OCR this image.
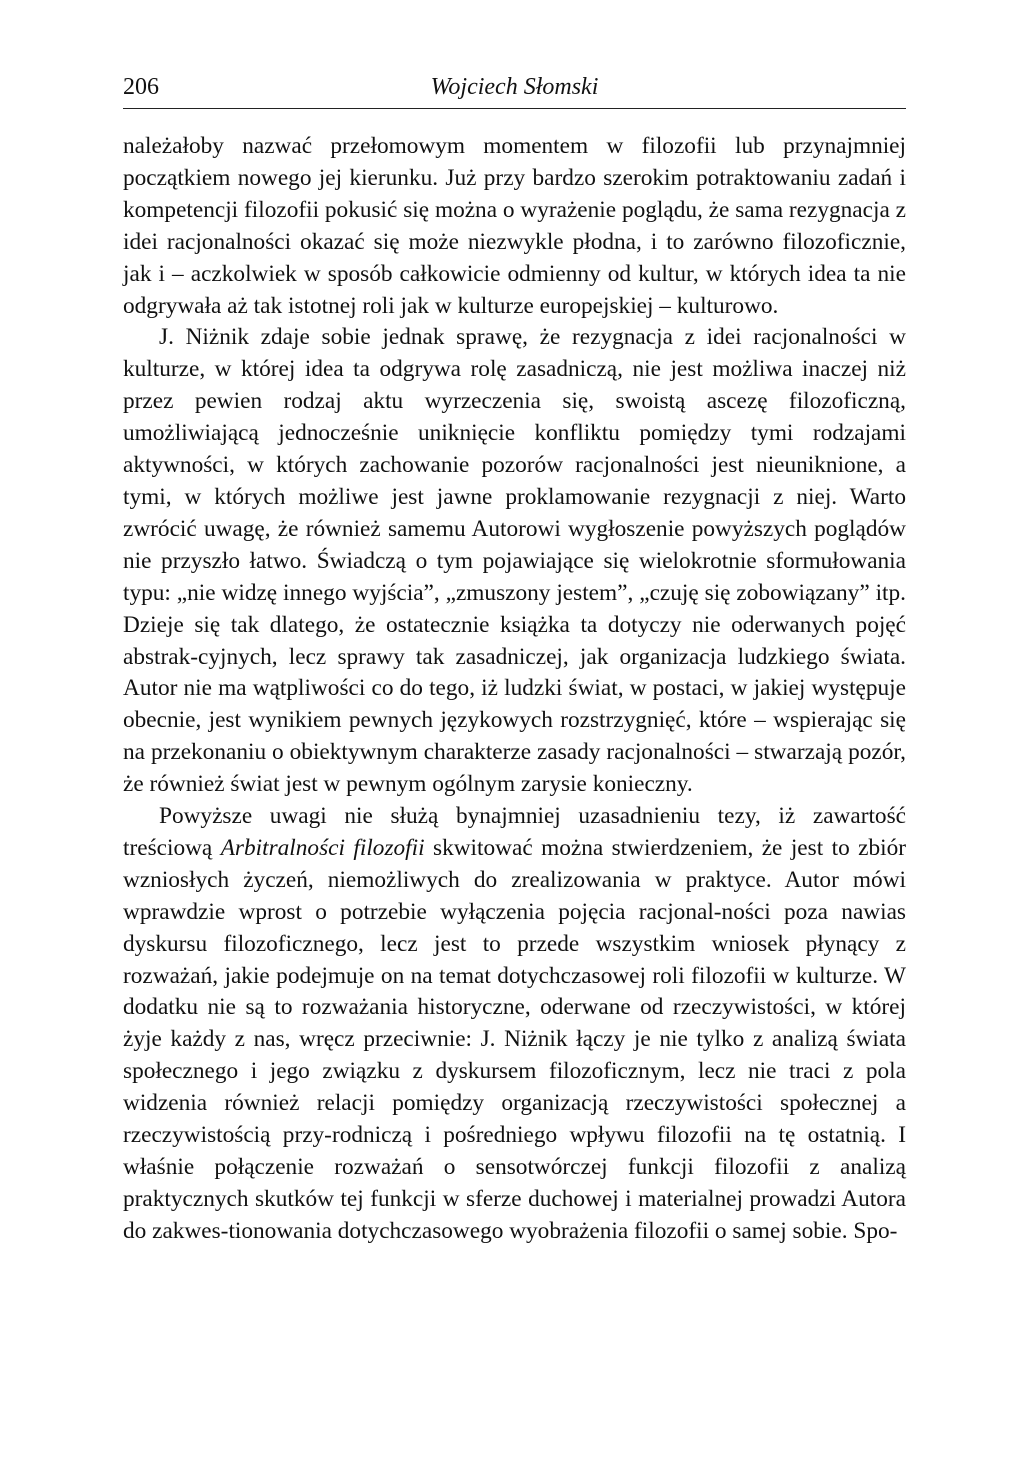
206	Wojciech Słomski

należałoby nazwać przełomowym momentem w filozofii lub przynajmniej początkiem nowego jej kierunku. Już przy bardzo szerokim potraktowaniu zadań i kompetencji filozofii pokusić się można o wyrażenie poglądu, że sama rezygnacja z idei racjonalności okazać się może niezwykle płodna, i to zarówno filozoficznie, jak i – aczkolwiek w sposób całkowicie odmienny od kultur, w których idea ta nie odgrywała aż tak istotnej roli jak w kulturze europejskiej – kulturowo.

J. Niżnik zdaje sobie jednak sprawę, że rezygnacja z idei racjonalności w kulturze, w której idea ta odgrywa rolę zasadniczą, nie jest możliwa inaczej niż przez pewien rodzaj aktu wyrzeczenia się, swoistą ascezę filozoficzną, umożliwiającą jednocześnie uniknięcie konfliktu pomiędzy tymi rodzajami aktywności, w których zachowanie pozorów racjonalności jest nieuniknione, a tymi, w których możliwe jest jawne proklamowanie rezygnacji z niej. Warto zwrócić uwagę, że również samemu Autorowi wygłoszenie powyższych poglądów nie przyszło łatwo. Świadczą o tym pojawiające się wielokrotnie sformułowania typu: „nie widzę innego wyjścia”, „zmuszony jestem”, „czuję się zobowiązany” itp. Dzieje się tak dlatego, że ostatecznie książka ta dotyczy nie oderwanych pojęć abstrak-cyjnych, lecz sprawy tak zasadniczej, jak organizacja ludzkiego świata. Autor nie ma wątpliwości co do tego, iż ludzki świat, w postaci, w jakiej występuje obecnie, jest wynikiem pewnych językowych rozstrzygnięć, które – wspierając się na przekonaniu o obiektywnym charakterze zasady racjonalności – stwarzają pozór, że również świat jest w pewnym ogólnym zarysie konieczny.

Powyższe uwagi nie służą bynajmniej uzasadnieniu tezy, iż zawartość treściową Arbitralności filozofii skwitować można stwierdzeniem, że jest to zbiór wzniosłych życzeń, niemożliwych do zrealizowania w praktyce. Autor mówi wprawdzie wprost o potrzebie wyłączenia pojęcia racjonal-ności poza nawias dyskursu filozoficznego, lecz jest to przede wszystkim wniosek płynący z rozważań, jakie podejmuje on na temat dotychczasowej roli filozofii w kulturze. W dodatku nie są to rozważania historyczne, oderwane od rzeczywistości, w której żyje każdy z nas, wręcz przeciwnie: J. Niżnik łączy je nie tylko z analizą świata społecznego i jego związku z dyskursem filozoficznym, lecz nie traci z pola widzenia również relacji pomiędzy organizacją rzeczywistości społecznej a rzeczywistością przy-rodniczą i pośredniego wpływu filozofii na tę ostatnią. I właśnie połączenie rozważań o sensotwórczej funkcji filozofii z analizą praktycznych skutków tej funkcji w sferze duchowej i materialnej prowadzi Autora do zakwes-tionowania dotychczasowego wyobrażenia filozofii o samej sobie. Spo-
